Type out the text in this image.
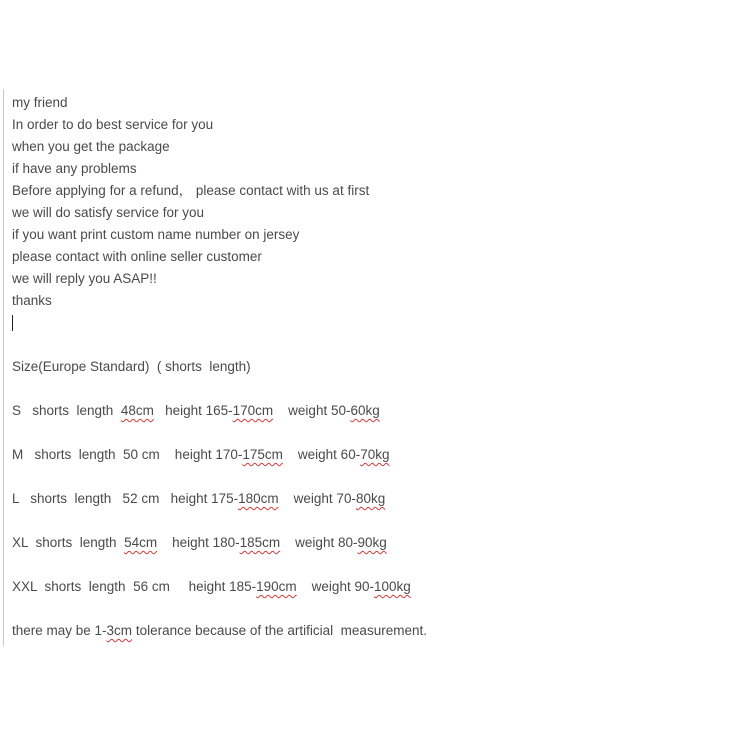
my friend
In order to do best service for you
when you get the package
if have any problems
Before applying for a refund， please contact with us at first
we will do satisfy service for you
if you want print custom name number on jersey
please contact with online seller customer
we will reply you ASAP!!
thanks
Size(Europe Standard)  ( shorts  length)
S   shorts  length  48cm   height 165-170cm    weight 50-60kg
M   shorts  length  50 cm    height 170-175cm    weight 60-70kg
L   shorts  length   52 cm   height 175-180cm    weight 70-80kg
XL  shorts  length  54cm    height 180-185cm    weight 80-90kg
XXL  shorts  length  56 cm     height 185-190cm    weight 90-100kg
there may be 1-3cm tolerance because of the artificial  measurement.
